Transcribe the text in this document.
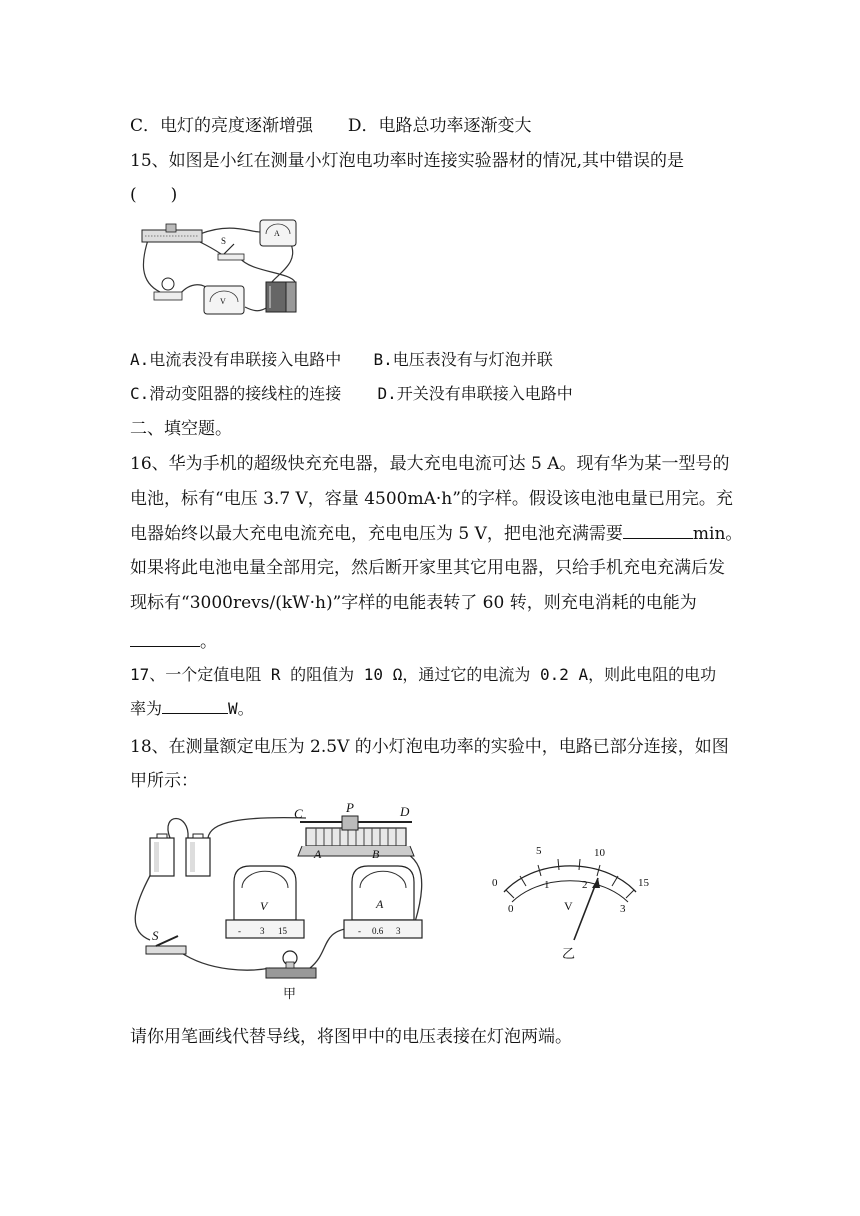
C．电灯的亮度逐渐增强 D．电路总功率逐渐变大
15、如图是小红在测量小灯泡电功率时连接实验器材的情况,其中错误的是
(　　)
S
A
V
A.电流表没有串联接入电路中 B.电压表没有与灯泡并联
C.滑动变阻器的接线柱的连接 D.开关没有串联接入电路中
二、填空题。
16、华为手机的超级快充充电器，最大充电电流可达 5 A。现有华为某一型号的
电池，标有“电压 3.7 V，容量 4500mA·h”的字样。假设该电池电量已用完。充
电器始终以最大充电电流充电，充电电压为 5 V，把电池充满需要	min。
如果将此电池电量全部用完，然后断开家里其它用电器，只给手机充电充满后发
现标有“3000revs/(kW·h)”字样的电能表转了 60 转，则充电消耗的电能为
。
17、一个定值电阻 R 的阻值为 10 Ω，通过它的电流为 0.2 A，则此电阻的电功
率为	W。
18、在测量额定电压为 2.5V 的小灯泡电功率的实验中，电路已部分连接，如图
甲所示：
C	P	D
A	B
V
- 3 15
A
- 0.6 3
S
甲
0
5	10
15
0
1	2
3
V
乙
请你用笔画线代替导线，将图甲中的电压表接在灯泡两端。
